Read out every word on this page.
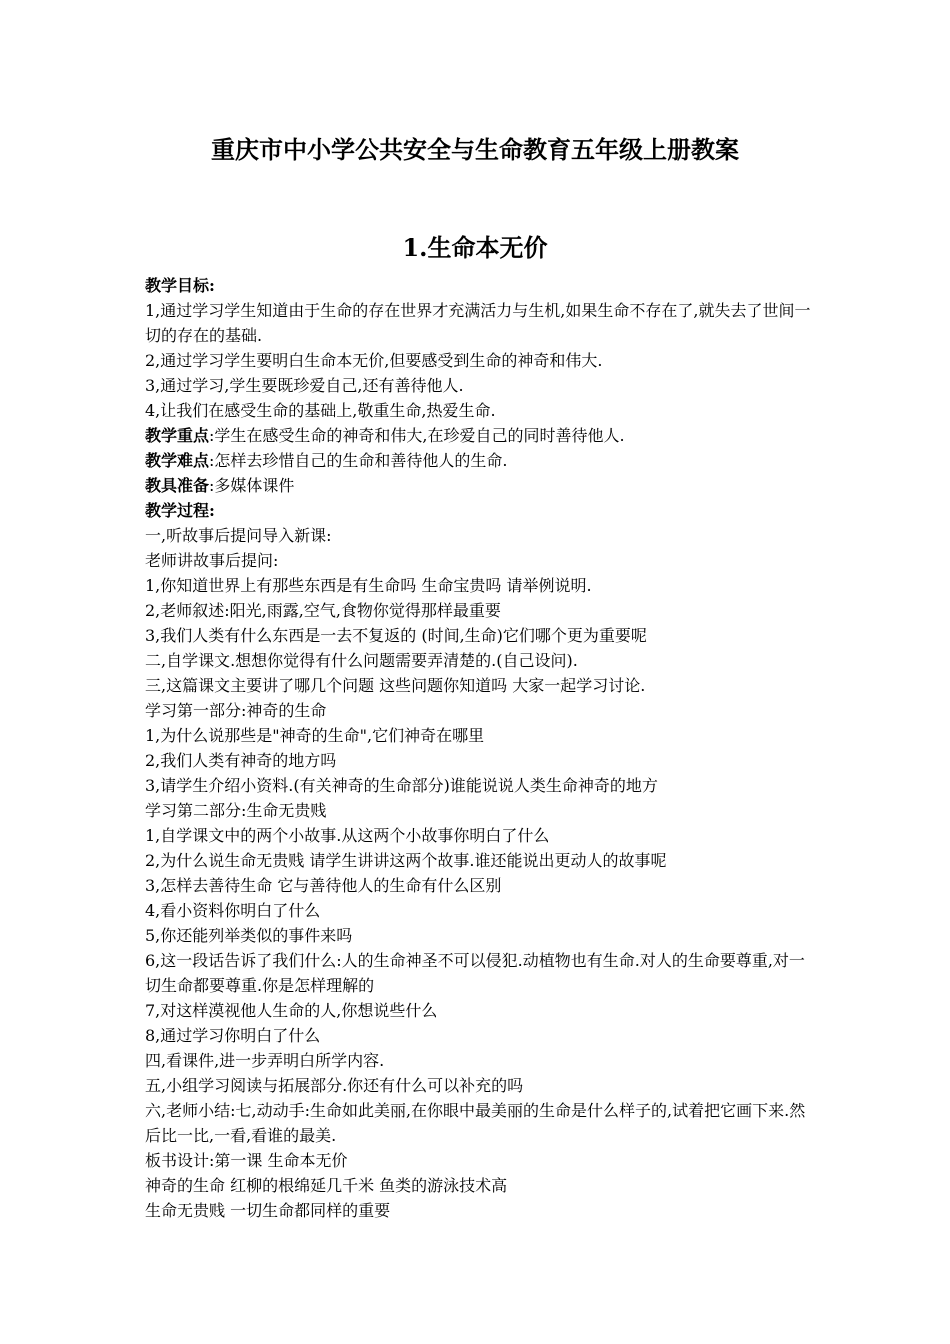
重庆市中小学公共安全与生命教育五年级上册教案
1.生命本无价

教学目标:

1,通过学习学生知道由于生命的存在世界才充满活力与生机,如果生命不存在了,就失去了世间一切的存在的基础.

2,通过学习学生要明白生命本无价,但要感受到生命的神奇和伟大.

3,通过学习,学生要既珍爱自己,还有善待他人.

4,让我们在感受生命的基础上,敬重生命,热爱生命.

教学重点:学生在感受生命的神奇和伟大,在珍爱自己的同时善待他人.

教学难点:怎样去珍惜自己的生命和善待他人的生命.

教具准备:多媒体课件

教学过程:

一,听故事后提问导入新课:

老师讲故事后提问:

1,你知道世界上有那些东西是有生命吗 生命宝贵吗 请举例说明.

2,老师叙述:阳光,雨露,空气,食物你觉得那样最重要

3,我们人类有什么东西是一去不复返的 (时间,生命)它们哪个更为重要呢

二,自学课文.想想你觉得有什么问题需要弄清楚的.(自己设问).

三,这篇课文主要讲了哪几个问题 这些问题你知道吗 大家一起学习讨论.

学习第一部分:神奇的生命

1,为什么说那些是"神奇的生命",它们神奇在哪里

2,我们人类有神奇的地方吗

3,请学生介绍小资料.(有关神奇的生命部分)谁能说说人类生命神奇的地方

学习第二部分:生命无贵贱

1,自学课文中的两个小故事.从这两个小故事你明白了什么

2,为什么说生命无贵贱 请学生讲讲这两个故事.谁还能说出更动人的故事呢

3,怎样去善待生命 它与善待他人的生命有什么区别

4,看小资料你明白了什么

5,你还能列举类似的事件来吗

6,这一段话告诉了我们什么:人的生命神圣不可以侵犯.动植物也有生命.对人的生命要尊重,对一切生命都要尊重.你是怎样理解的

7,对这样漠视他人生命的人,你想说些什么

8,通过学习你明白了什么

四,看课件,进一步弄明白所学内容.

五,小组学习阅读与拓展部分.你还有什么可以补充的吗

六,老师小结:七,动动手:生命如此美丽,在你眼中最美丽的生命是什么样子的,试着把它画下来.然后比一比,一看,看谁的最美.

板书设计:第一课 生命本无价

神奇的生命 红柳的根绵延几千米 鱼类的游泳技术高

生命无贵贱 一切生命都同样的重要
